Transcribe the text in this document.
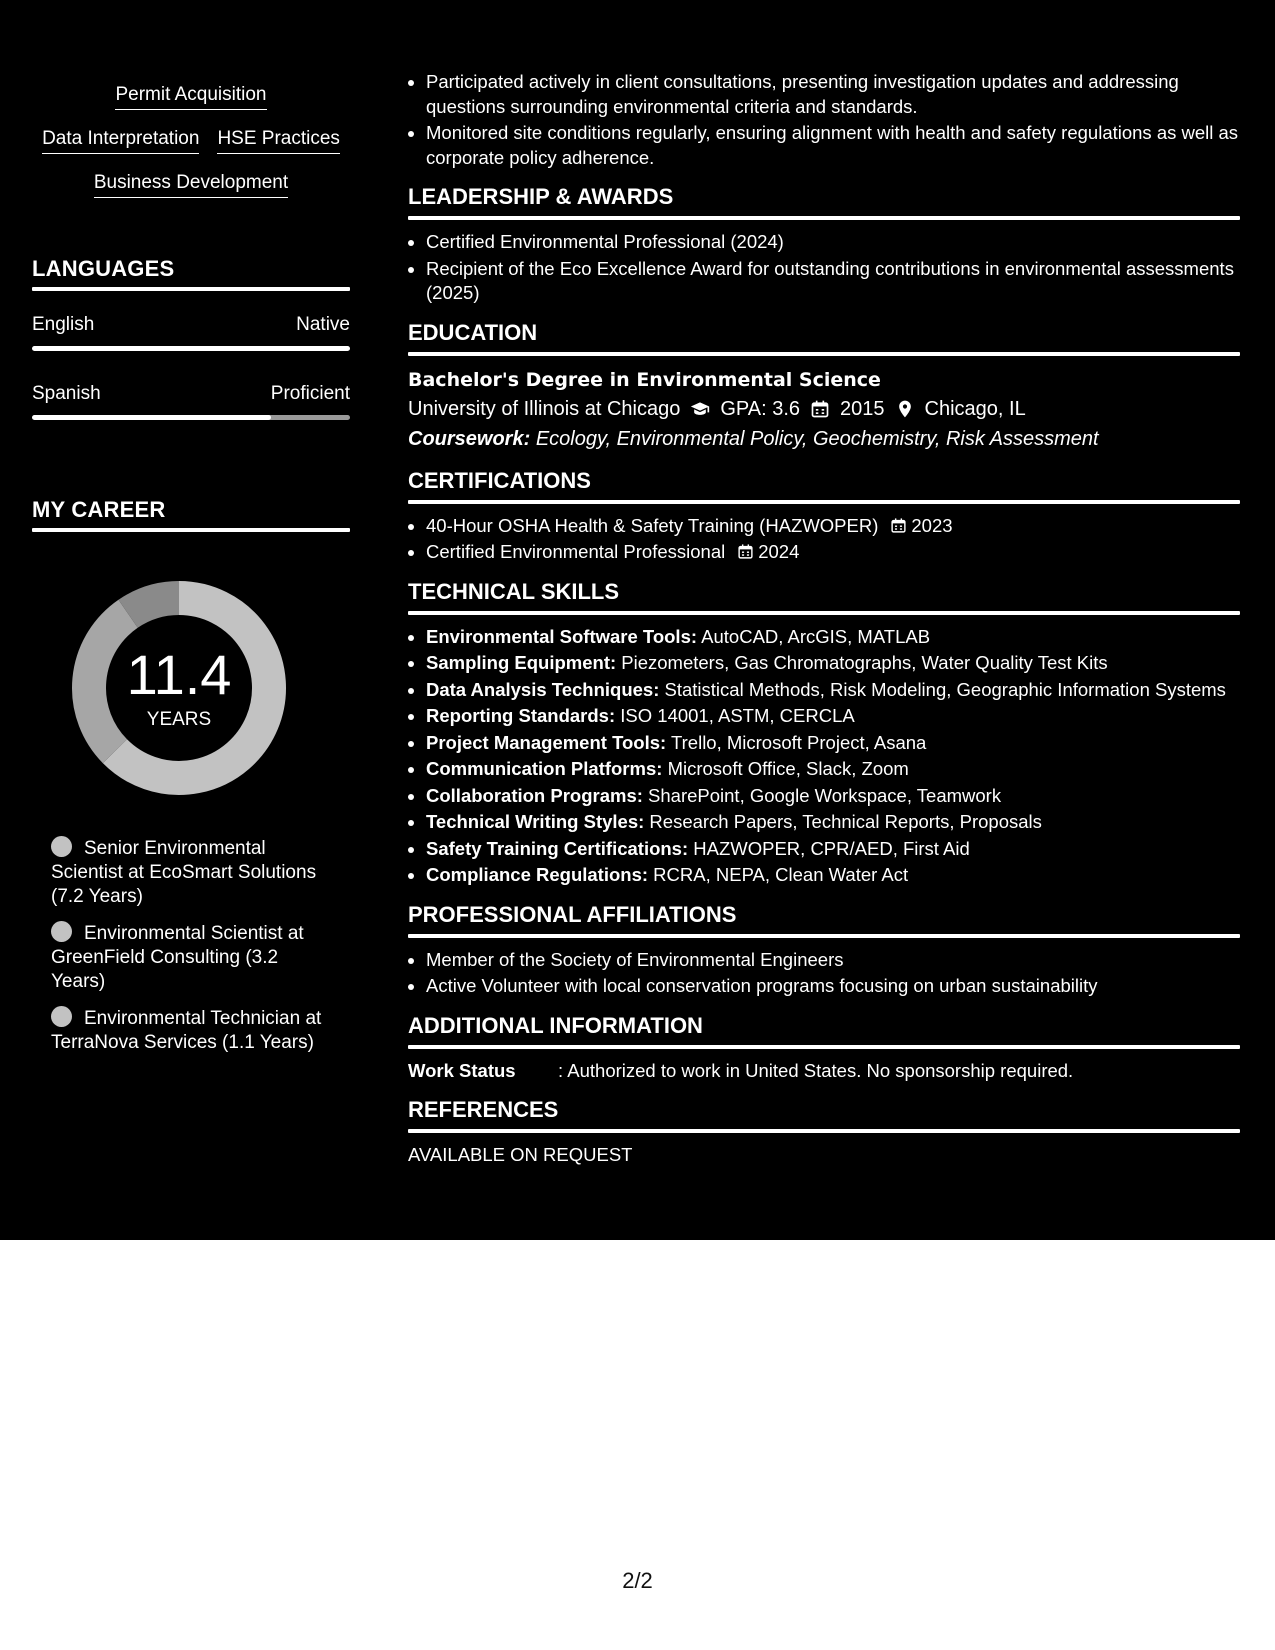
Permit Acquisition
Data Interpretation HSE Practices
Business Development
LANGUAGES
English	Native
Spanish	Proficient
MY CAREER
11.4
YEARS
Senior Environmental Scientist at EcoSmart Solutions (7.2 Years)
Environmental Scientist at GreenField Consulting (3.2 Years)
Environmental Technician at TerraNova Services (1.1 Years)
• Participated actively in client consultations, presenting investigation updates and addressing questions surrounding environmental criteria and standards.
• Monitored site conditions regularly, ensuring alignment with health and safety regulations as well as corporate policy adherence.
LEADERSHIP & AWARDS
• Certified Environmental Professional (2024)
• Recipient of the Eco Excellence Award for outstanding contributions in environmental assessments (2025)
EDUCATION
Bachelor's Degree in Environmental Science
University of Illinois at Chicago GPA: 3.6 2015 Chicago, IL
Coursework: Ecology, Environmental Policy, Geochemistry, Risk Assessment
CERTIFICATIONS
• 40-Hour OSHA Health & Safety Training (HAZWOPER) 2023
• Certified Environmental Professional 2024
TECHNICAL SKILLS
• Environmental Software Tools: AutoCAD, ArcGIS, MATLAB
• Sampling Equipment: Piezometers, Gas Chromatographs, Water Quality Test Kits
• Data Analysis Techniques: Statistical Methods, Risk Modeling, Geographic Information Systems
• Reporting Standards: ISO 14001, ASTM, CERCLA
• Project Management Tools: Trello, Microsoft Project, Asana
• Communication Platforms: Microsoft Office, Slack, Zoom
• Collaboration Programs: SharePoint, Google Workspace, Teamwork
• Technical Writing Styles: Research Papers, Technical Reports, Proposals
• Safety Training Certifications: HAZWOPER, CPR/AED, First Aid
• Compliance Regulations: RCRA, NEPA, Clean Water Act
PROFESSIONAL AFFILIATIONS
• Member of the Society of Environmental Engineers
• Active Volunteer with local conservation programs focusing on urban sustainability
ADDITIONAL INFORMATION
Work Status	: Authorized to work in United States. No sponsorship required.
REFERENCES
AVAILABLE ON REQUEST
2/2
